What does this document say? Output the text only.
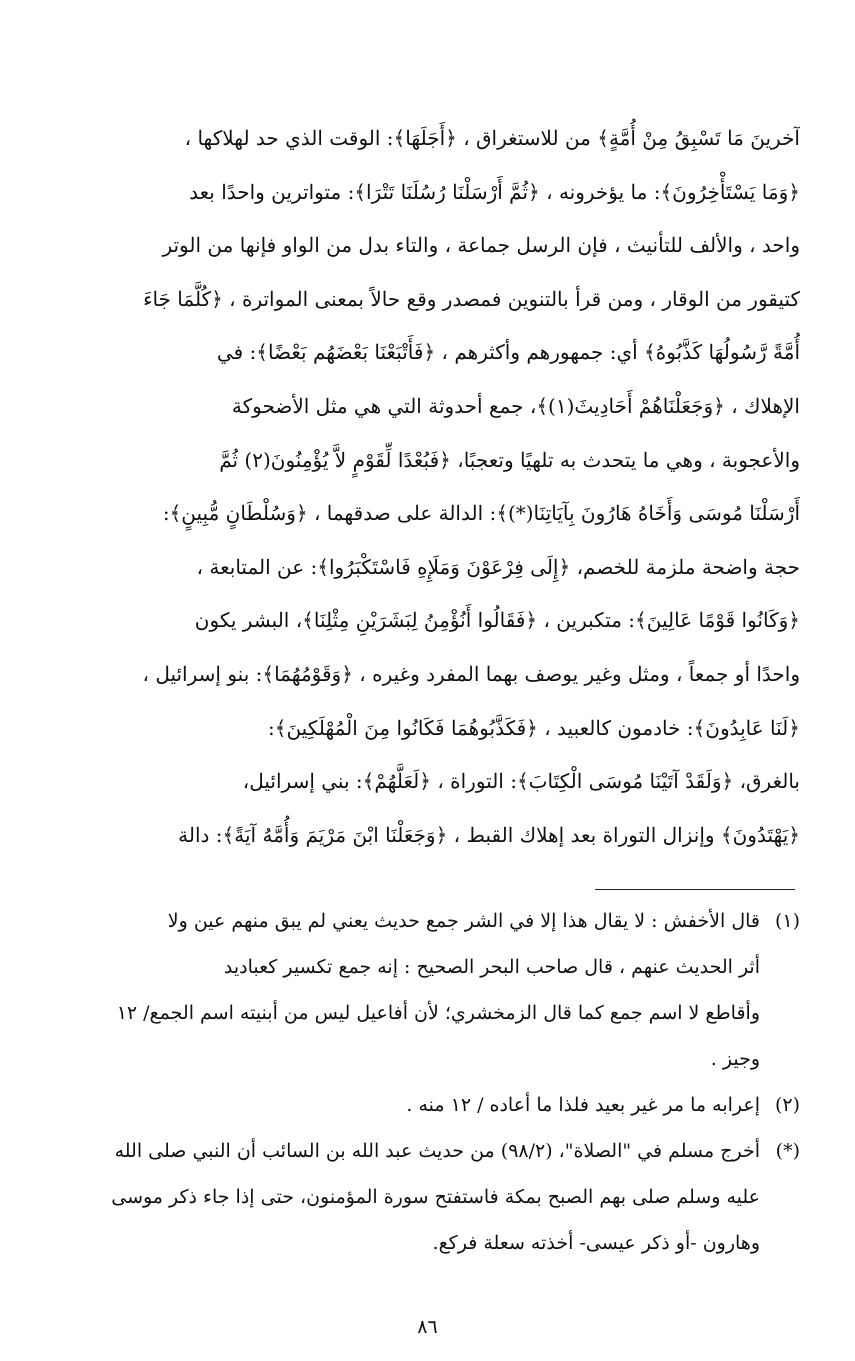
آخرينَ مَا تَسْبِقُ مِنْ أُمَّةٍ﴾ من للاستغراق ، ﴿أَجَلَهَا﴾: الوقت الذي حد لهلاكها ،
﴿وَمَا يَسْتَأْخِرُونَ﴾: ما يؤخرونه ، ﴿ثُمَّ أَرْسَلْنَا رُسُلَنَا تَتْرَا﴾: متواترين واحدًا بعد
واحد ، والألف للتأنيث ، فإن الرسل جماعة ، والتاء بدل من الواو فإنها من الوتر
كتيقور من الوقار ، ومن قرأ بالتنوين فمصدر وقع حالاً بمعنى المواترة ، ﴿كُلَّمَا جَاءَ
أُمَّةً رَّسُولُهَا كَذَّبُوهُ﴾ أي: جمهورهم وأكثرهم ، ﴿فَأَتْبَعْنَا بَعْضَهُم بَعْضًا﴾: في
الإهلاك ، ﴿وَجَعَلْنَاهُمْ أَحَادِيثَ(١)﴾، جمع أحدوثة التي هي مثل الأضحوكة
والأعجوبة ، وهي ما يتحدث به تلهيًا وتعجبًا، ﴿فَبُعْدًا لِّقَوْمٍ لاَّ يُؤْمِنُونَ(٢) ثُمَّ
أَرْسَلْنَا مُوسَى وَأَخَاهُ هَارُونَ بِآيَاتِنَا(*)﴾: الدالة على صدقهما ، ﴿وَسُلْطَانٍ مُّبِينٍ﴾:
حجة واضحة ملزمة للخصم، ﴿إِلَى فِرْعَوْنَ وَمَلَإِهِ فَاسْتَكْبَرُوا﴾: عن المتابعة ،
﴿وَكَانُوا قَوْمًا عَالِينَ﴾: متكبرين ، ﴿فَقَالُوا أَنُؤْمِنُ لِبَشَرَيْنِ مِثْلِنَا﴾، البشر يكون
واحدًا أو جمعاً ، ومثل وغير يوصف بهما المفرد وغيره ، ﴿وَقَوْمُهُمَا﴾: بنو إسرائيل ،
﴿لَنَا عَابِدُونَ﴾: خادمون كالعبيد ، ﴿فَكَذَّبُوهُمَا فَكَانُوا مِنَ الْمُهْلَكِينَ﴾:
بالغرق، ﴿وَلَقَدْ آتَيْنَا مُوسَى الْكِتَابَ﴾: التوراة ، ﴿لَعَلَّهُمْ﴾: بني إسرائيل،
﴿يَهْتَدُونَ﴾ وإنزال التوراة بعد إهلاك القبط ، ﴿وَجَعَلْنَا ابْنَ مَرْيَمَ وَأُمَّهُ آيَةً﴾: دالة
(١)
قال الأخفش : لا يقال هذا إلا في الشر جمع حديث يعني لم يبق منهم عين ولا
أثر الحديث عنهم ، قال صاحب البحر الصحيح : إنه جمع تكسير كعباديد
وأقاطع لا اسم جمع كما قال الزمخشري؛ لأن أفاعيل ليس من أبنيته اسم الجمع/ ١٢
وجيز .
(٢)
إعرابه ما مر غير بعيد فلذا ما أعاده / ١٢ منه .
(*)
أخرج مسلم في "الصلاة"، (٩٨/٢) من حديث عبد الله بن السائب أن النبي صلى الله
عليه وسلم صلى بهم الصبح بمكة فاستفتح سورة المؤمنون، حتى إذا جاء ذكر موسى
وهارون -أو ذكر عيسى- أخذته سعلة فركع.
٨٦
